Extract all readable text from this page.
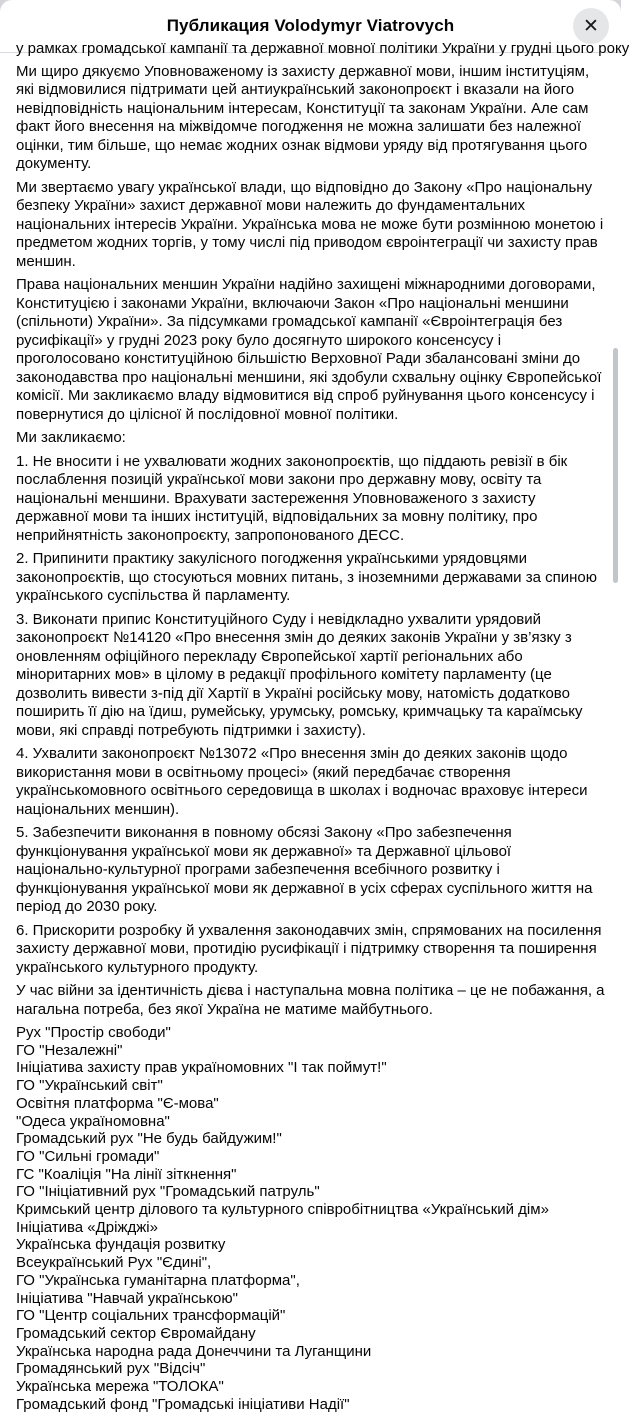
Публикация Volodymyr Viatrovych	✕
у рамках громадської кампанії та державної мовної політики України у грудні цього року
Ми щиро дякуємо Уповноваженому із захисту державної мови, іншим інституціям, які відмовилися підтримати цей антиукраїнський законопроєкт і вказали на його невідповідність національним інтересам, Конституції та законам України. Але сам факт його внесення на міжвідомче погодження не можна залишати без належної оцінки, тим більше, що немає жодних ознак відмови уряду від протягування цього документу.
Ми звертаємо увагу української влади, що відповідно до Закону «Про національну безпеку України» захист державної мови належить до фундаментальних національних інтересів України. Українська мова не може бути розмінною монетою і предметом жодних торгів, у тому числі під приводом євроінтеграції чи захисту прав меншин.
Права національних меншин України надійно захищені міжнародними договорами, Конституцією і законами України, включаючи Закон «Про національні меншини (спільноти) України». За підсумками громадської кампанії «Євроінтеграція без русифікації» у грудні 2023 року було досягнуто широкого консенсусу і проголосовано конституційною більшістю Верховної Ради збалансовані зміни до законодавства про національні меншини, які здобули схвальну оцінку Європейської комісії. Ми закликаємо владу відмовитися від спроб руйнування цього консенсусу і повернутися до цілісної й послідовної мовної політики.
Ми закликаємо:
1. Не вносити і не ухвалювати жодних законопроєктів, що піддають ревізії в бік послаблення позицій української мови закони про державну мову, освіту та національні меншини. Врахувати застереження Уповноваженого з захисту державної мови та інших інституцій, відповідальних за мовну політику, про неприйнятність законопроєкту, запропонованого ДЕСС.
2. Припинити практику закулісного погодження українськими урядовцями законопроєктів, що стосуються мовних питань, з іноземними державами за спиною українського суспільства й парламенту.
3. Виконати припис Конституційного Суду і невідкладно ухвалити урядовий законопроєкт №14120 «Про внесення змін до деяких законів України у зв’язку з оновленням офіційного перекладу Європейської хартії регіональних або міноритарних мов» в цілому в редакції профільного комітету парламенту (це дозволить вивести з-під дії Хартії в Україні російську мову, натомість додатково поширить її дію на їдиш, румейську, урумську, ромську, кримчацьку та караїмську мови, які справді потребують підтримки і захисту).
4. Ухвалити законопроєкт №13072 «Про внесення змін до деяких законів щодо використання мови в освітньому процесі» (який передбачає створення українськомовного освітнього середовища в школах і водночас враховує інтереси національних меншин).
5. Забезпечити виконання в повному обсязі Закону «Про забезпечення функціонування української мови як державної» та Державної цільової національно-культурної програми забезпечення всебічного розвитку і функціонування української мови як державної в усіх сферах суспільного життя на період до 2030 року.
6. Прискорити розробку й ухвалення законодавчих змін, спрямованих на посилення захисту державної мови, протидію русифікації і підтримку створення та поширення українського культурного продукту.
У час війни за ідентичність дієва і наступальна мовна політика – це не побажання, а нагальна потреба, без якої Україна не матиме майбутнього.
Рух "Простір свободи"
ГО "Незалежні"
Ініціатива захисту прав україномовних "І так поймут!"
ГО "Український світ"
Освітня платформа "Є-мова"
"Одеса україномовна"
Громадський рух "Не будь байдужим!"
ГО "Сильні громади"
ГС "Коаліція "На лінії зіткнення"
ГО "Ініціативний рух "Громадський патруль"
Кримський центр ділового та культурного співробітництва «Український дім»
Ініціатива «Дріжджі»
Українська фундація розвитку
Всеукраїнський Рух "Єдині",
ГО "Українська гуманітарна платформа",
Ініціатива "Навчай українською"
ГО "Центр соціальних трансформацій"
Громадський сектор Євромайдану
Українська народна рада Донеччини та Луганщини
Громадянський рух "Відсіч"
Українська мережа "ТОЛОКА"
Громадський фонд "Громадські ініціативи Надії"
